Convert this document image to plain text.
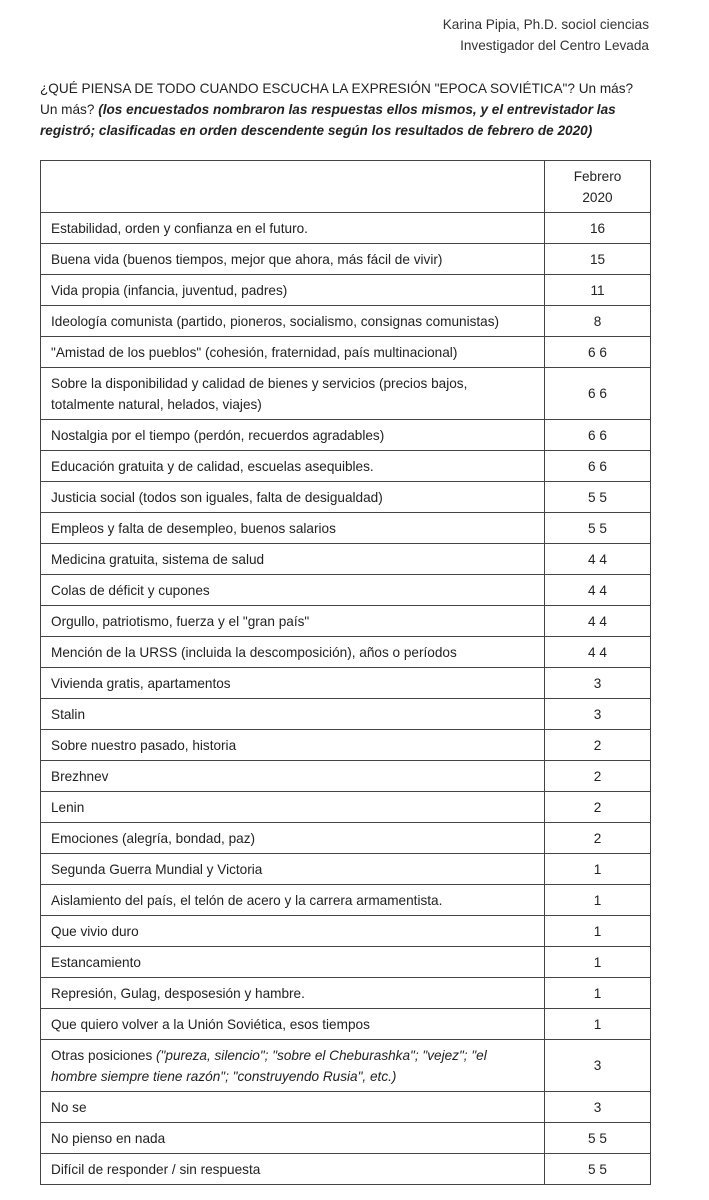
Karina Pipia, Ph.D. sociol ciencias
Investigador del Centro Levada
¿QUÉ PIENSA DE TODO CUANDO ESCUCHA LA EXPRESIÓN "EPOCA SOVIÉTICA"? Un más? Un más? (los encuestados nombraron las respuestas ellos mismos, y el entrevistador las registró; clasificadas en orden descendente según los resultados de febrero de 2020)

	Febrero
2020

Estabilidad, orden y confianza en el futuro.	16
Buena vida (buenos tiempos, mejor que ahora, más fácil de vivir)	15
Vida propia (infancia, juventud, padres)	11
Ideología comunista (partido, pioneros, socialismo, consignas comunistas)	8
"Amistad de los pueblos" (cohesión, fraternidad, país multinacional)	6 6
Sobre la disponibilidad y calidad de bienes y servicios (precios bajos, totalmente natural, helados, viajes)	6 6
Nostalgia por el tiempo (perdón, recuerdos agradables)	6 6
Educación gratuita y de calidad, escuelas asequibles.	6 6
Justicia social (todos son iguales, falta de desigualdad)	5 5
Empleos y falta de desempleo, buenos salarios	5 5
Medicina gratuita, sistema de salud	4 4
Colas de déficit y cupones	4 4
Orgullo, patriotismo, fuerza y el "gran país"	4 4
Mención de la URSS (incluida la descomposición), años o períodos	4 4
Vivienda gratis, apartamentos	3
Stalin	3
Sobre nuestro pasado, historia	2
Brezhnev	2
Lenin	2
Emociones (alegría, bondad, paz)	2
Segunda Guerra Mundial y Victoria	1
Aislamiento del país, el telón de acero y la carrera armamentista.	1
Que vivio duro	1
Estancamiento	1
Represión, Gulag, desposesión y hambre.	1
Que quiero volver a la Unión Soviética, esos tiempos	1
Otras posiciones ("pureza, silencio"; "sobre el Cheburashka"; "vejez"; "el hombre siempre tiene razón"; "construyendo Rusia", etc.)	3
No se	3
No pienso en nada	5 5
Difícil de responder / sin respuesta	5 5
